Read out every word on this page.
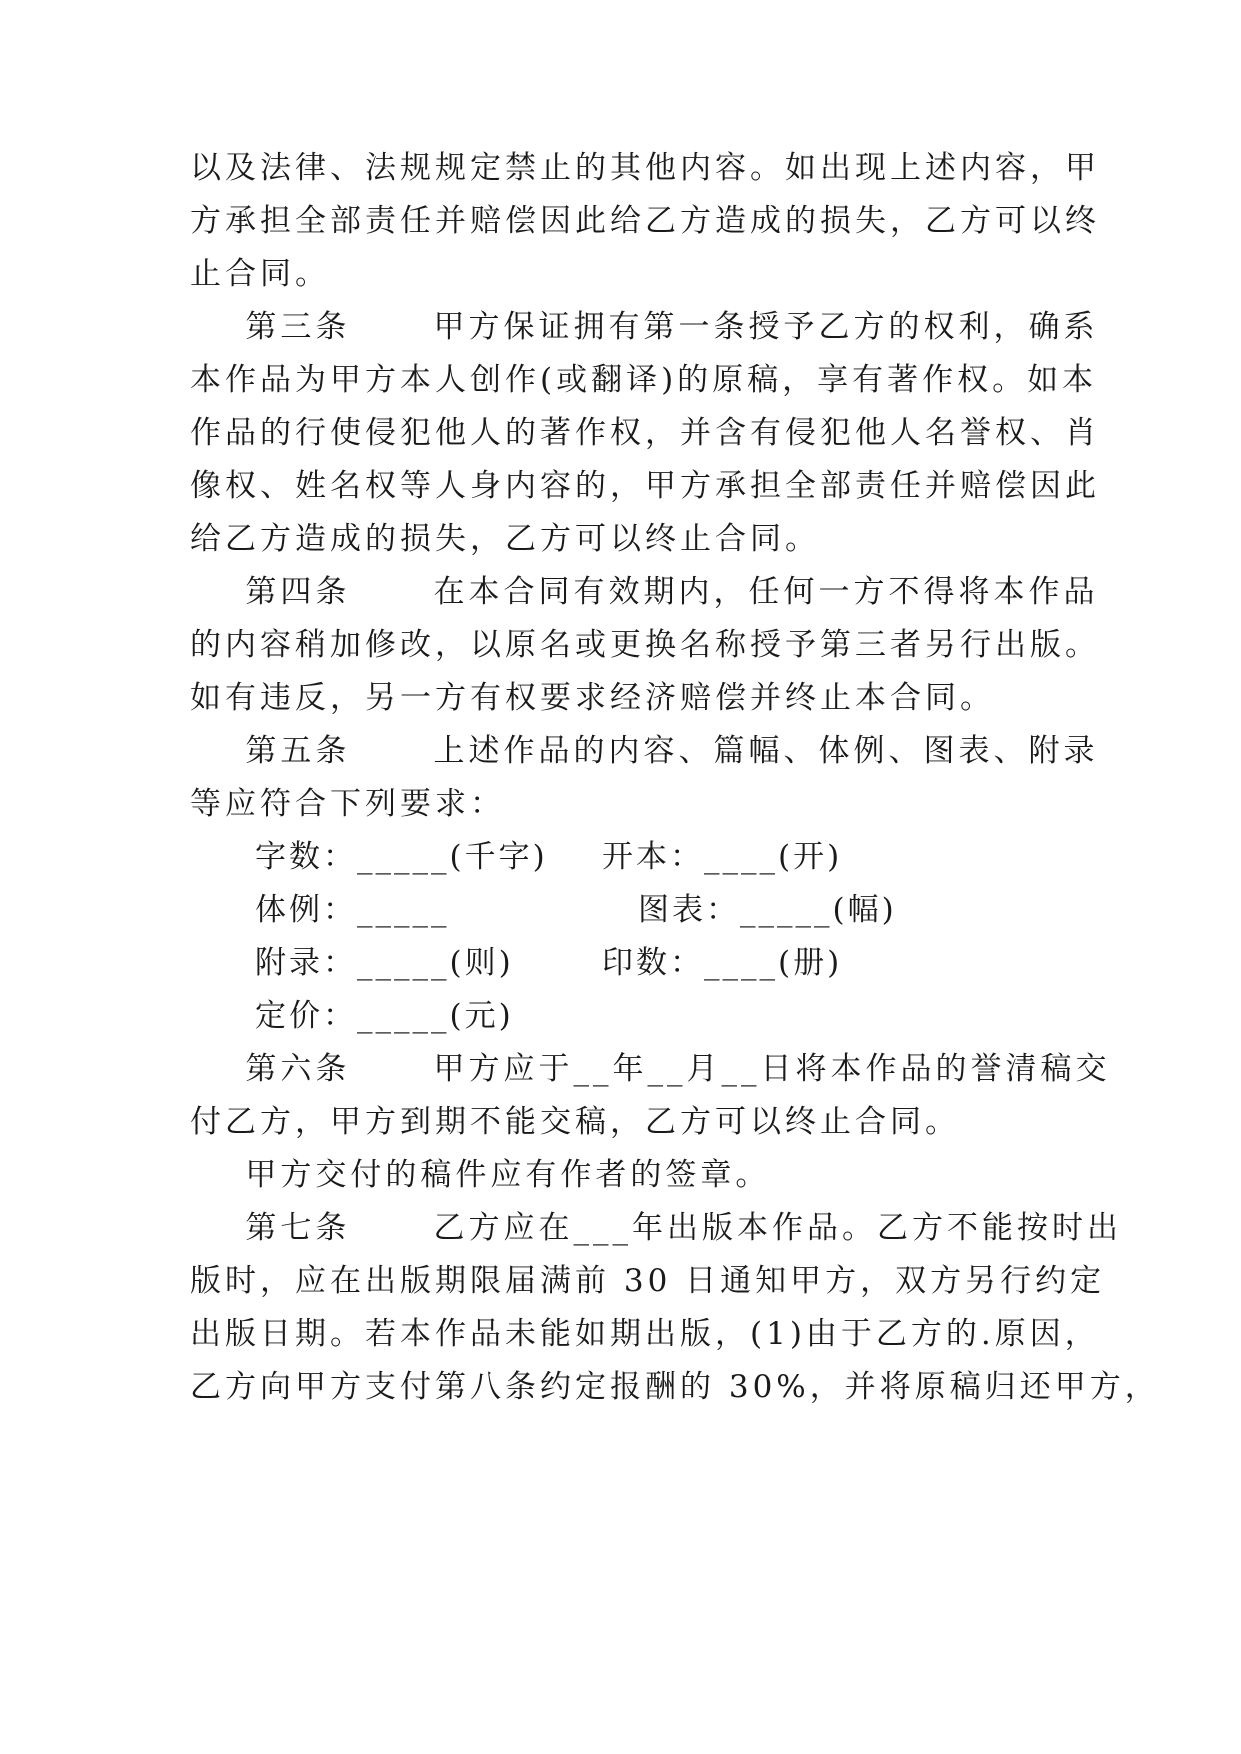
以及法律、法规规定禁止的其他内容。如出现上述内容，甲
方承担全部责任并赔偿因此给乙方造成的损失，乙方可以终
止合同。
第三条      甲方保证拥有第一条授予乙方的权利，确系
本作品为甲方本人创作(或翻译)的原稿，享有著作权。如本
作品的行使侵犯他人的著作权，并含有侵犯他人名誉权、肖
像权、姓名权等人身内容的，甲方承担全部责任并赔偿因此
给乙方造成的损失，乙方可以终止合同。
第四条      在本合同有效期内，任何一方不得将本作品
的内容稍加修改，以原名或更换名称授予第三者另行出版。
如有违反，另一方有权要求经济赔偿并终止本合同。
第五条      上述作品的内容、篇幅、体例、图表、附录
等应符合下列要求：
字数：_____(千字) 开本：____(开)
体例：_____	图表：_____(幅)
附录：_____(则)	印数：____(册)
定价：_____(元)
第六条      甲方应于__年__月__日将本作品的誉清稿交
付乙方，甲方到期不能交稿，乙方可以终止合同。
甲方交付的稿件应有作者的签章。
第七条      乙方应在___年出版本作品。乙方不能按时出
版时，应在出版期限届满前 30 日通知甲方，双方另行约定
出版日期。若本作品未能如期出版，(1)由于乙方的.原因，
乙方向甲方支付第八条约定报酬的 30%，并将原稿归还甲方，
